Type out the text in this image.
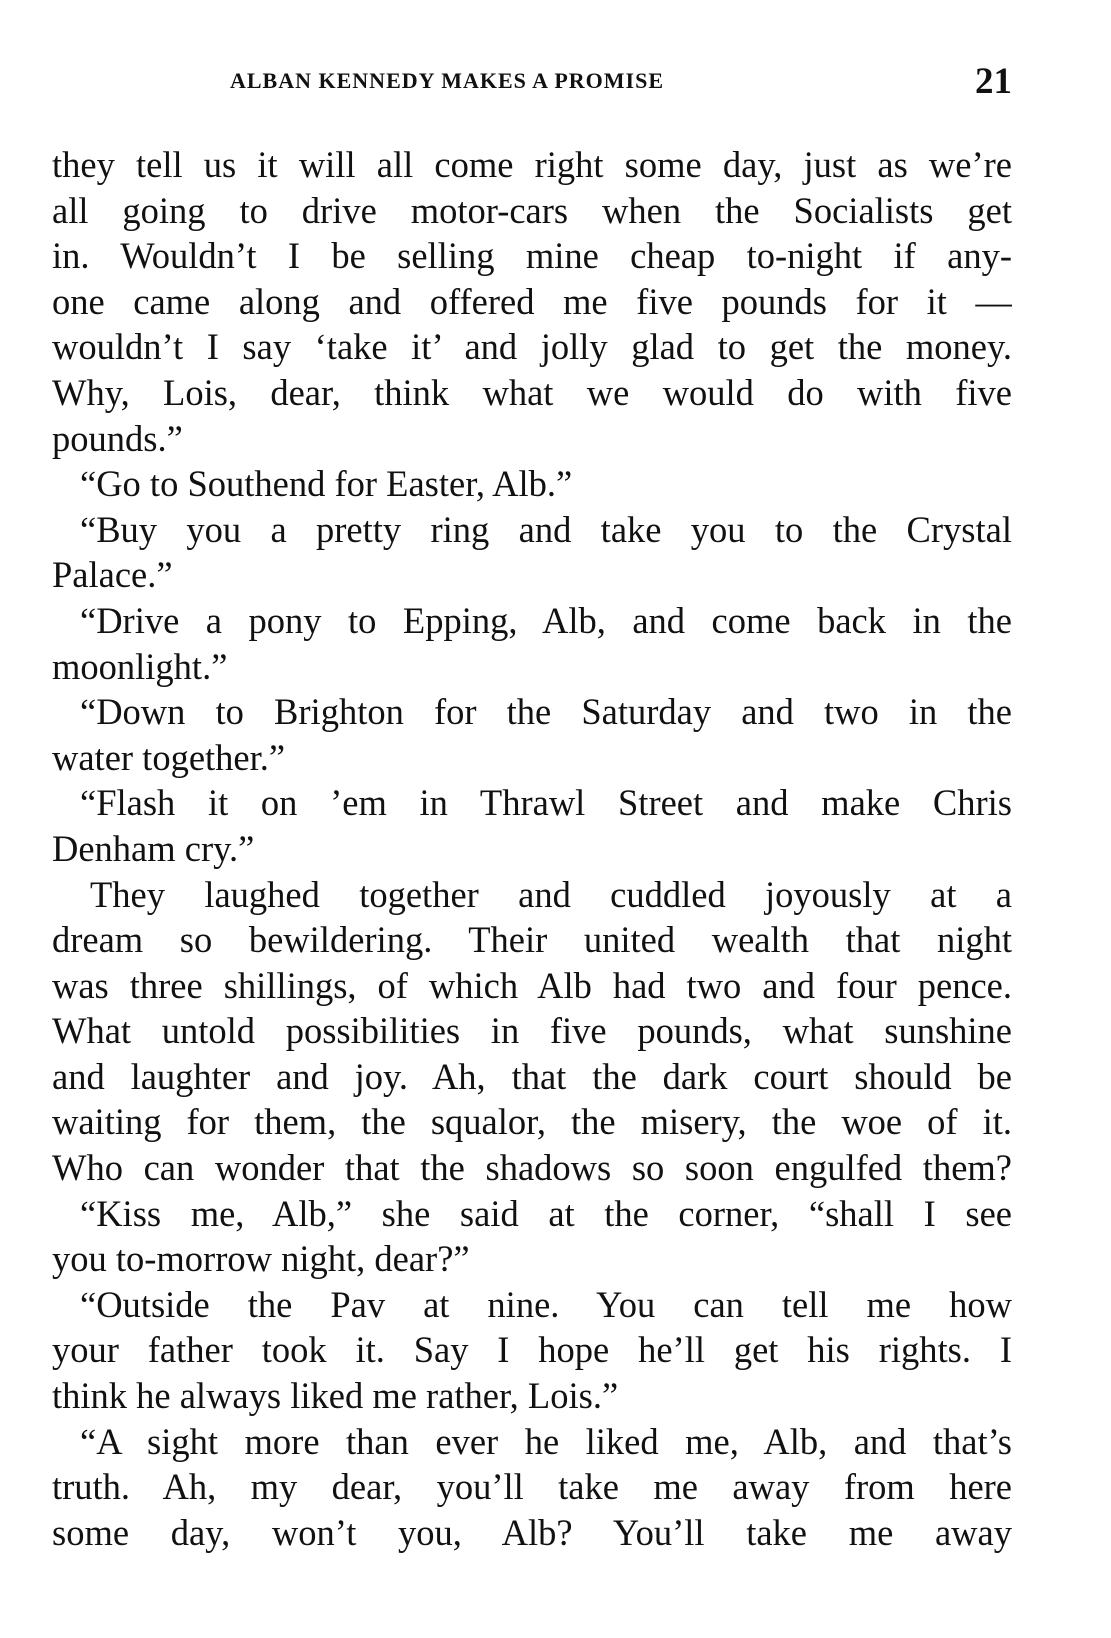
ALBAN KENNEDY MAKES A PROMISE	21
they tell us it will all come right some day, just as we’re
all going to drive motor-cars when the Socialists get
in. Wouldn’t I be selling mine cheap to-night if any-
one came along and offered me five pounds for it —
wouldn’t I say ‘take it’ and jolly glad to get the money.
Why, Lois, dear, think what we would do with five
pounds.”
“Go to Southend for Easter, Alb.”
“Buy you a pretty ring and take you to the Crystal
Palace.”
“Drive a pony to Epping, Alb, and come back in the
moonlight.”
“Down to Brighton for the Saturday and two in the
water together.”
“Flash it on ’em in Thrawl Street and make Chris
Denham cry.”
They laughed together and cuddled joyously at a
dream so bewildering. Their united wealth that night
was three shillings, of which Alb had two and four pence.
What untold possibilities in five pounds, what sunshine
and laughter and joy. Ah, that the dark court should be
waiting for them, the squalor, the misery, the woe of it.
Who can wonder that the shadows so soon engulfed them?
“Kiss me, Alb,” she said at the corner, “shall I see
you to-morrow night, dear?”
“Outside the Pav at nine. You can tell me how
your father took it. Say I hope he’ll get his rights. I
think he always liked me rather, Lois.”
“A sight more than ever he liked me, Alb, and that’s
truth. Ah, my dear, you’ll take me away from here
some day, won’t you, Alb? You’ll take me away
